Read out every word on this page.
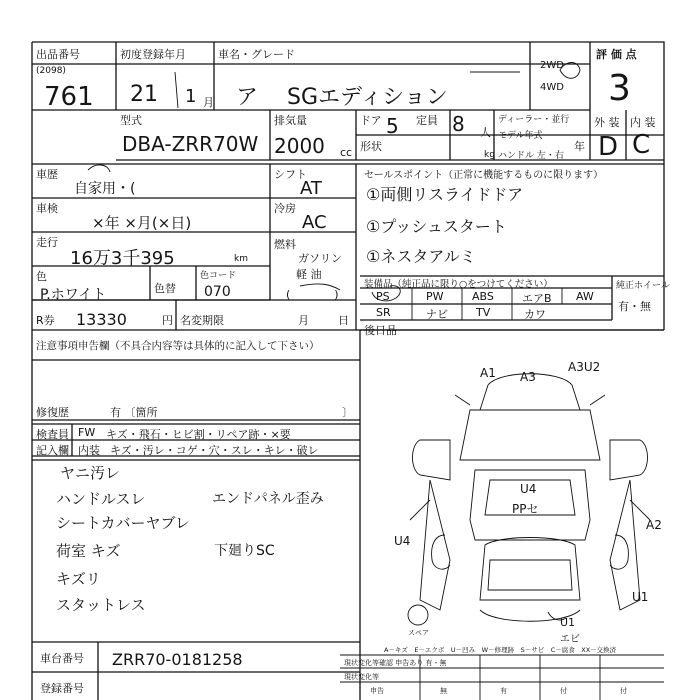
出品番号
(2098)
761
初度登録年月
21 1 月
車名・グレード
ア　 SGエディション
2WD
4WD
評 価 点
3
型式
DBA-ZRR70W
排気量
2000 cc
ドア 5 定員 8 人
ディーラー・並行
モデル年式
年
形状
kg ハンドル 左・右
外 装 内 装
D C
車歴
自家用・(
車検
×年 ×月(×日)
走行
16万3千395	km
色
P.ホワイト	色替
色コード
070
R券 13330	円 名変期限	月	日
シフト
AT
冷房
AC
燃料
ガソリン
軽 油
(　　　　)
セールスポイント（正常に機能するものに限ります）
①両側リスライドドア
①プッシュスタート
①ネスタアルミ
装備品（純正品に限り○をつけてください）
PS	PW	ABS	エアB AW
SR	ナビ	TV	カワ
純正ホイール
有・無
後日品
注意事項申告欄（不具合内容等は具体的に記入して下さい）
修復歴	有 〔箇所	〕
検査員 FW キズ・飛石・ヒビ割・リペア跡・×要
記入欄 内装 キズ・汚レ・コゲ・穴・スレ・キレ・破レ
ヤニ汚レ
ハンドルスレ
シートカバーヤブレ
荷室 キズ
キズリ
スタットレス
エンドパネル歪み
下廻りSC
A1 A3
A3U2
U4
PPセ
U4
A2
U1
U1
スペア
エビ
A－キズ　E－エクボ　U－凹み　W－修理跡　S－サビ　C－腐食　XX－交換済
現状変化等確認 申告あり 有・無
車台番号 ZRR70-0181258
登録番号
現状変化等
申告	無	有	付	付
